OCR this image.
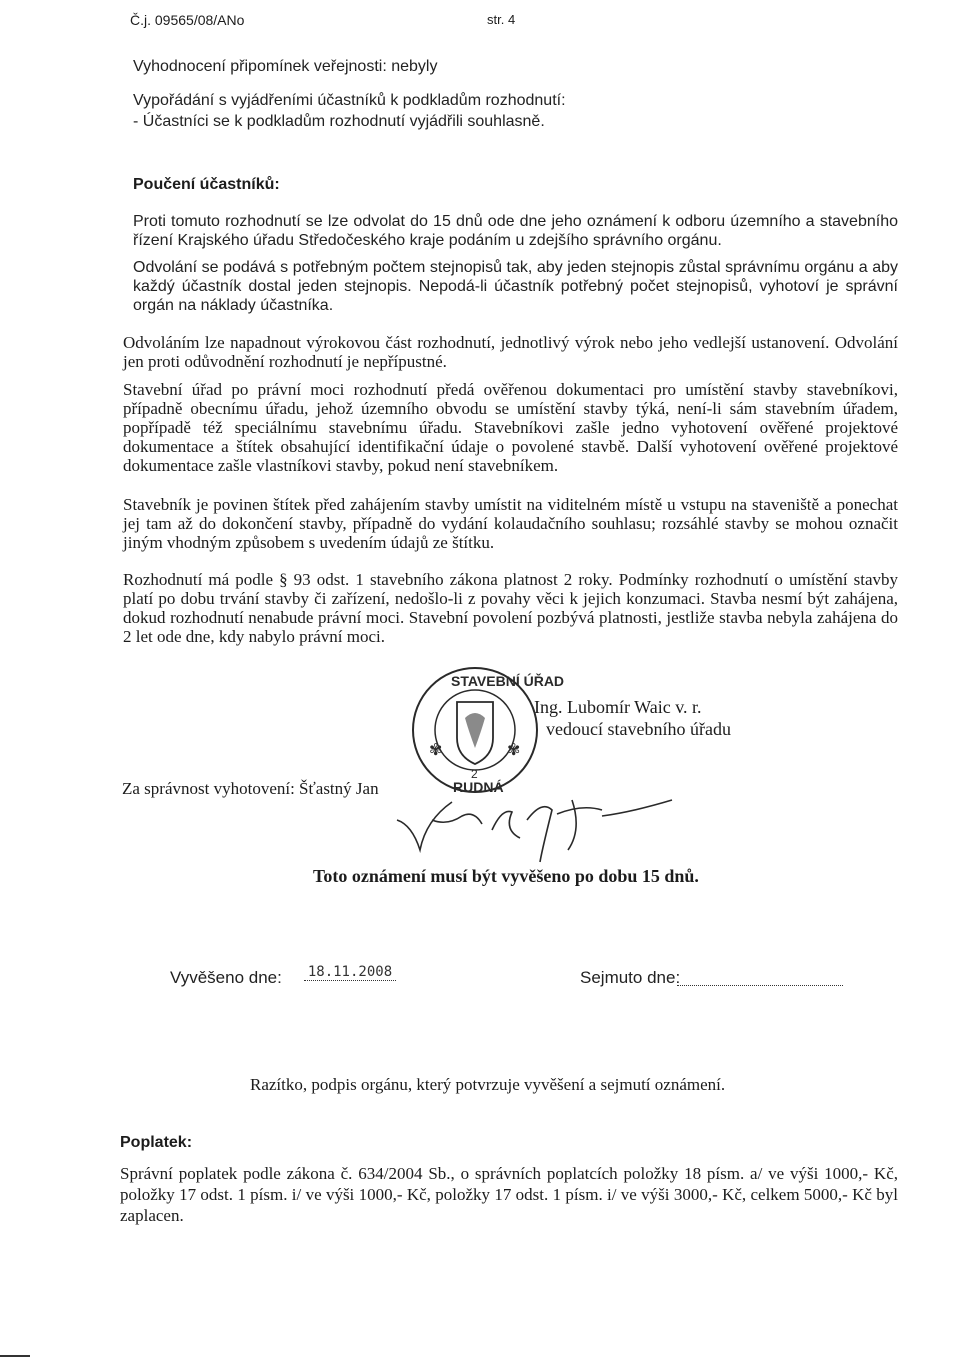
Č.j. 09565/08/ANo	str. 4
Vyhodnocení připomínek veřejnosti: nebyly
Vypořádání s vyjádřeními účastníků k podkladům rozhodnutí:
- Účastníci se k podkladům rozhodnutí vyjádřili souhlasně.
Poučení účastníků:
Proti tomuto rozhodnutí se lze odvolat do 15 dnů ode dne jeho oznámení k odboru územního a stavebního řízení Krajského úřadu Středočeského kraje podáním u zdejšího správního orgánu.
Odvolání se podává s potřebným počtem stejnopisů tak, aby jeden stejnopis zůstal správnímu orgánu a aby každý účastník dostal jeden stejnopis. Nepodá-li účastník potřebný počet stejnopisů, vyhotoví je správní orgán na náklady účastníka.
Odvoláním lze napadnout výrokovou část rozhodnutí, jednotlivý výrok nebo jeho vedlejší ustanovení. Odvolání jen proti odůvodnění rozhodnutí je nepřípustné.
Stavební úřad po právní moci rozhodnutí předá ověřenou dokumentaci pro umístění stavby stavebníkovi, případně obecnímu úřadu, jehož územního obvodu se umístění stavby týká, není-li sám stavebním úřadem, popřípadě též speciálnímu stavebnímu úřadu. Stavebníkovi zašle jedno vyhotovení ověřené projektové dokumentace a štítek obsahující identifikační údaje o povolené stavbě. Další vyhotovení ověřené projektové dokumentace zašle vlastníkovi stavby, pokud není stavebníkem.
Stavebník je povinen štítek před zahájením stavby umístit na viditelném místě u vstupu na staveniště a ponechat jej tam až do dokončení stavby, případně do vydání kolaudačního souhlasu; rozsáhlé stavby se mohou označit jiným vhodným způsobem s uvedením údajů ze štítku.
Rozhodnutí má podle § 93 odst. 1 stavebního zákona platnost 2 roky. Podmínky rozhodnutí o umístění stavby platí po dobu trvání stavby či zařízení, nedošlo-li z povahy věci k jejich konzumaci. Stavba nesmí být zahájena, dokud rozhodnutí nenabude právní moci. Stavební povolení pozbývá platnosti, jestliže stavba nebyla zahájena do 2 let ode dne, kdy nabylo právní moci.
✾	✾
2
STAVEBNÍ ÚŘAD
RUDNÁ
Ing. Lubomír Waic v. r.
vedoucí stavebního úřadu
Za správnost vyhotovení: Šťastný Jan
Toto oznámení musí být vyvěšeno po dobu 15 dnů.
Vyvěšeno dne:	18.11.2008	Sejmuto dne:
Razítko, podpis orgánu, který potvrzuje vyvěšení a sejmutí oznámení.
Poplatek:
Správní poplatek podle zákona č. 634/2004 Sb., o správních poplatcích položky 18 písm. a/ ve výši 1000,- Kč, položky 17 odst. 1 písm. i/ ve výši 1000,- Kč, položky 17 odst. 1 písm. i/ ve výši 3000,- Kč, celkem 5000,- Kč byl zaplacen.
